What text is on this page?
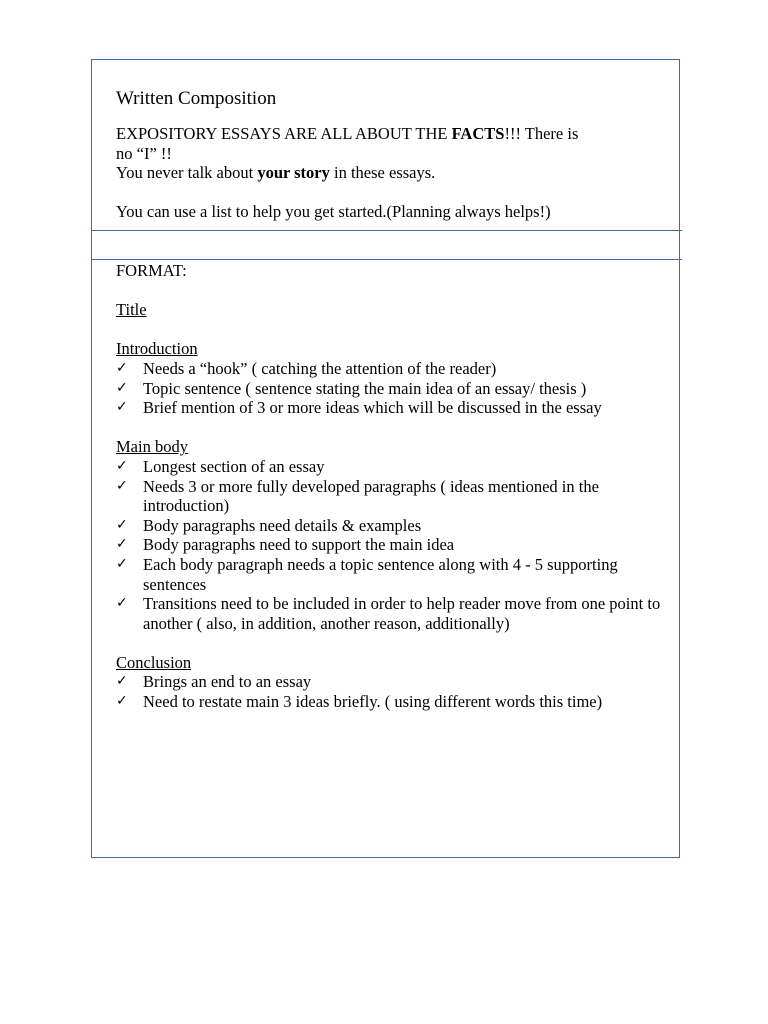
Written Composition

EXPOSITORY ESSAYS ARE ALL ABOUT THE FACTS!!! There is

no “I” !!

You never talk about your story in these essays.

You can use a list to help you get started.(Planning always helps!)

FORMAT:

Title

Introduction

✓ Needs a “hook” ( catching the attention of the reader)
✓ Topic sentence ( sentence stating the main idea of an essay/ thesis )
✓ Brief mention of 3 or more ideas which will be discussed in the essay

Main body

✓ Longest section of an essay
✓ Needs 3 or more fully developed paragraphs ( ideas mentioned in the introduction)
✓ Body paragraphs need details & examples
✓ Body paragraphs need to support the main idea
✓ Each body paragraph needs a topic sentence along with 4 - 5 supporting sentences
✓ Transitions need to be included in order to help reader move from one point to another ( also, in addition, another reason, additionally)

Conclusion

✓ Brings an end to an essay
✓ Need to restate main 3 ideas briefly. ( using different words this time)
